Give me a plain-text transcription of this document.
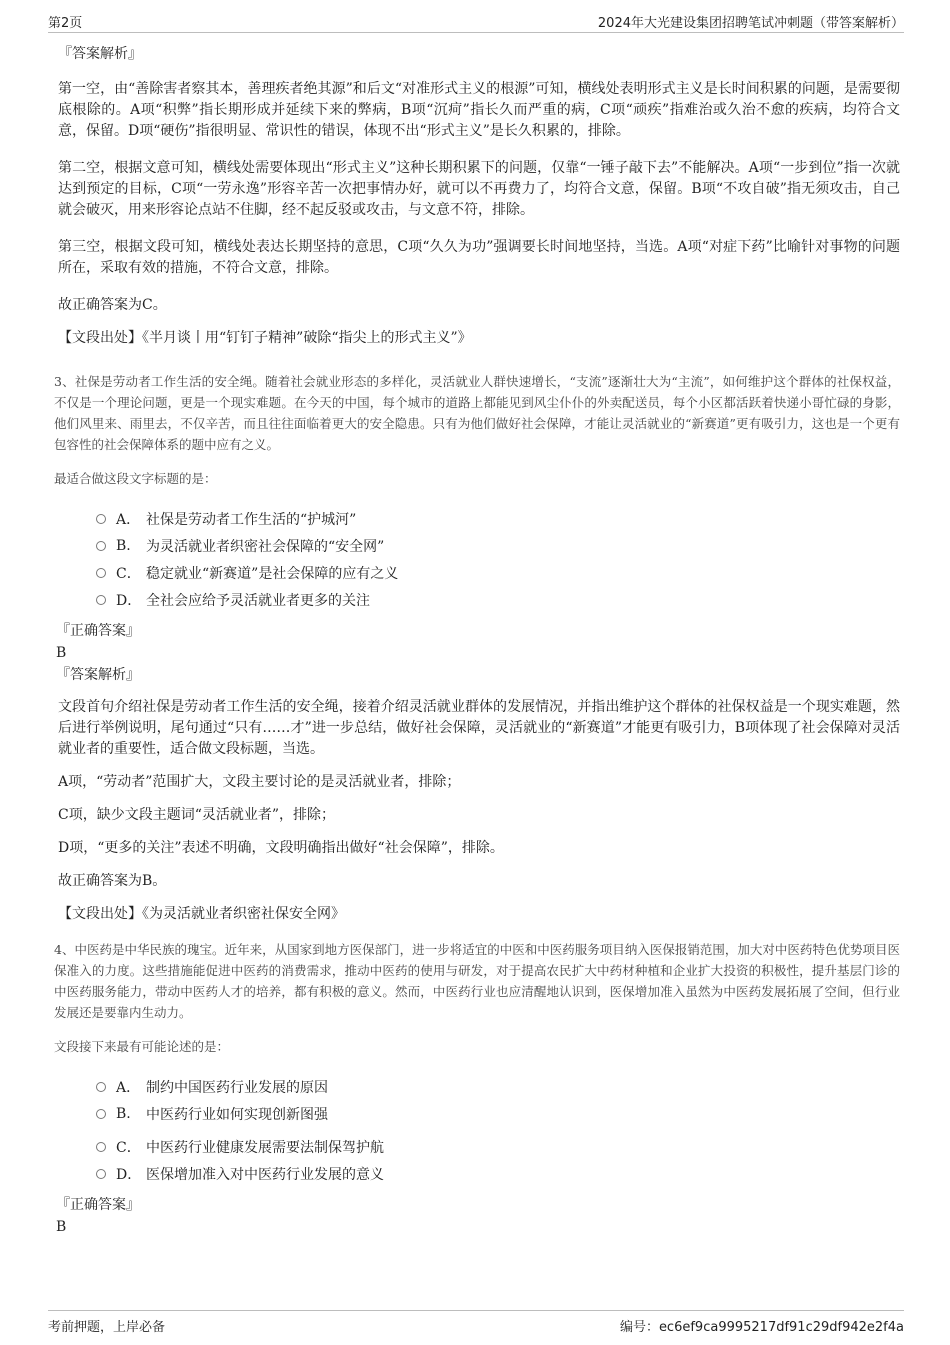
第2页	2024年大光建设集团招聘笔试冲刺题（带答案解析）

『答案解析』

第一空，由“善除害者察其本，善理疾者绝其源”和后文“对准形式主义的根源”可知，横线处表明形式主义是长时间积累的问题，是需要彻底根除的。A项“积弊”指长期形成并延续下来的弊病，B项“沉疴”指长久而严重的病，C项“顽疾”指难治或久治不愈的疾病，均符合文意，保留。D项“硬伤”指很明显、常识性的错误，体现不出“形式主义”是长久积累的，排除。

第二空，根据文意可知，横线处需要体现出“形式主义”这种长期积累下的问题，仅靠“一锤子敲下去”不能解决。A项“一步到位”指一次就达到预定的目标，C项“一劳永逸”形容辛苦一次把事情办好，就可以不再费力了，均符合文意，保留。B项“不攻自破”指无须攻击，自己就会破灭，用来形容论点站不住脚，经不起反驳或攻击，与文意不符，排除。

第三空，根据文段可知，横线处表达长期坚持的意思，C项“久久为功”强调要长时间地坚持，当选。A项“对症下药”比喻针对事物的问题所在，采取有效的措施，不符合文意，排除。

故正确答案为C。

【文段出处】《半月谈丨用“钉钉子精神”破除“指尖上的形式主义”》

3、社保是劳动者工作生活的安全绳。随着社会就业形态的多样化，灵活就业人群快速增长，“支流”逐渐壮大为“主流”，如何维护这个群体的社保权益，不仅是一个理论问题，更是一个现实难题。在今天的中国，每个城市的道路上都能见到风尘仆仆的外卖配送员，每个小区都活跃着快递小哥忙碌的身影，他们风里来、雨里去，不仅辛苦，而且往往面临着更大的安全隐患。只有为他们做好社会保障，才能让灵活就业的“新赛道”更有吸引力，这也是一个更有包容性的社会保障体系的题中应有之义。

最适合做这段文字标题的是：

A． 社保是劳动者工作生活的“护城河”
B.	为灵活就业者织密社会保障的“安全网”
C． 稳定就业“新赛道”是社会保障的应有之义
D． 全社会应给予灵活就业者更多的关注

『正确答案』

B

『答案解析』

文段首句介绍社保是劳动者工作生活的安全绳，接着介绍灵活就业群体的发展情况，并指出维护这个群体的社保权益是一个现实难题，然后进行举例说明，尾句通过“只有……才”进一步总结，做好社会保障，灵活就业的“新赛道”才能更有吸引力，B项体现了社会保障对灵活就业者的重要性，适合做文段标题，当选。

A项，“劳动者”范围扩大，文段主要讨论的是灵活就业者，排除；

C项，缺少文段主题词“灵活就业者”，排除；

D项，“更多的关注”表述不明确，文段明确指出做好“社会保障”，排除。

故正确答案为B。

【文段出处】《为灵活就业者织密社保安全网》

4、中医药是中华民族的瑰宝。近年来，从国家到地方医保部门，进一步将适宜的中医和中医药服务项目纳入医保报销范围，加大对中医药特色优势项目医保准入的力度。这些措施能促进中医药的消费需求，推动中医药的使用与研发，对于提高农民扩大中药材种植和企业扩大投资的积极性，提升基层门诊的中医药服务能力，带动中医药人才的培养，都有积极的意义。然而，中医药行业也应清醒地认识到，医保增加准入虽然为中医药发展拓展了空间，但行业发展还是要靠内生动力。

文段接下来最有可能论述的是：

A． 制约中国医药行业发展的原因
B.	中医药行业如何实现创新图强
C． 中医药行业健康发展需要法制保驾护航
D． 医保增加准入对中医药行业发展的意义

『正确答案』

B

考前押题，上岸必备	编号：ec6ef9ca9995217df91c29df942e2f4a
